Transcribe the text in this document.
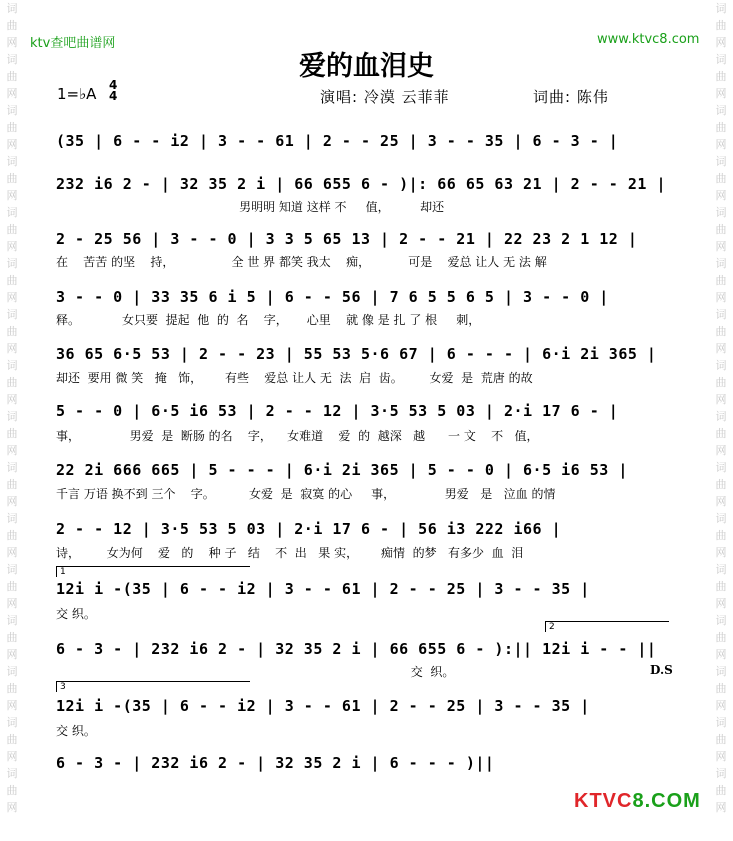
词曲网词曲网词曲网词曲网词曲网词曲网词曲网词曲网词曲网词曲网词曲网词曲网词曲网词曲网词曲网词曲网
词曲网词曲网词曲网词曲网词曲网词曲网词曲网词曲网词曲网词曲网词曲网词曲网词曲网词曲网词曲网词曲网
ktv查吧曲谱网	www.ktvc8.com
爱的血泪史
1=♭A 4
4	演唱: 冷漠 云菲菲	词曲: 陈伟
(35 | 6 - - i2 | 3 - - 61 | 2 - - 25 | 3 - - 35 | 6 - 3 - |
232 i6 2 - | 32 35 2 i | 66 655 6 - )|: 66 65 63 21 | 2 - - 21 |
男明明 知道 这样 不     值，        却还
2 - 25 56 | 3 - - 0 | 3 3 5 65 13 | 2 - - 21 | 22 23 2 1 12 |
在    苦苦 的坚    持，               全 世 界 都笑 我太    痴，          可是    爱总 让人 无 法 解
3 - - 0 | 33 35 6 i 5 | 6 - - 56 | 7 6 5 5 6 5 | 3 - - 0 |
释。           女只要  提起  他  的  名    字，     心里    就 像 是 扎 了 根     刺，
36 65 6·5 53 | 2 - - 23 | 55 53 5·6 67 | 6 - - - | 6·i 2i 365 |
却还  要用 微 笑   掩   饰，      有些    爱总 让人 无  法  启  齿。       女爱  是  荒唐 的故
5 - - 0 | 6·5 i6 53 | 2 - - 12 | 3·5 53 5 03 | 2·i 17 6 - |
事，             男爱  是  断肠 的名    字，    女难道    爱  的  越深   越      一 文    不   值，
22 2i 666 665 | 5 - - - | 6·i 2i 365 | 5 - - 0 | 6·5 i6 53 |
千言 万语 换不到 三个    字。         女爱  是  寂寞 的心     事，             男爱   是   泣血 的情
2 - - 12 | 3·5 53 5 03 | 2·i 17 6 - | 56 i3 222 i66 |
诗，       女为何    爱   的    种 子   结    不  出   果 实，      痴情  的梦   有多少  血  泪
1
12i i -(35 | 6 - - i2 | 3 - - 61 | 2 - - 25 | 3 - - 35 |
交 织。
2
6 - 3 - | 232 i6 2 - | 32 35 2 i | 66 655 6 - ):|| 12i i - - ||
交  织。	D.S
3
12i i -(35 | 6 - - i2 | 3 - - 61 | 2 - - 25 | 3 - - 35 |
交 织。
6 - 3 - | 232 i6 2 - | 32 35 2 i | 6 - - - )||
KTVC8.COM
